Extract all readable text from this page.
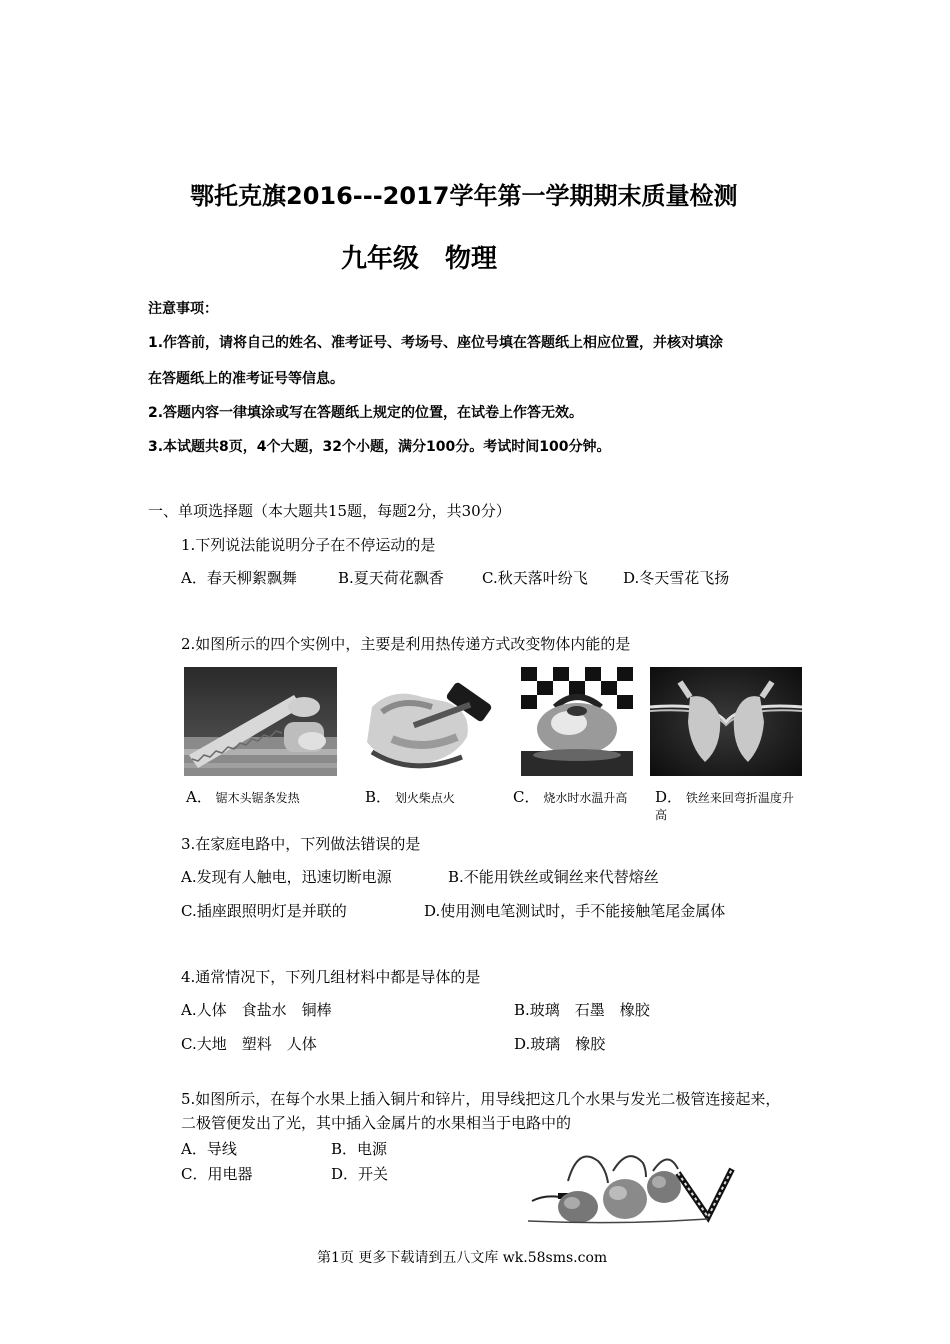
鄂托克旗2016---2017学年第一学期期末质量检测
九年级　物理
注意事项：
1.作答前，请将自己的姓名、准考证号、考场号、座位号填在答题纸上相应位置，并核对填涂
在答题纸上的准考证号等信息。
2.答题内容一律填涂或写在答题纸上规定的位置，在试卷上作答无效。
3.本试题共8页，4个大题，32个小题，满分100分。考试时间100分钟。
一、单项选择题（本大题共15题，每题2分，共30分）
1.下列说法能说明分子在不停运动的是
A．春天柳絮飘舞	B.夏天荷花飘香	C.秋天落叶纷飞 D.冬天雪花飞扬
2.如图所示的四个实例中，主要是利用热传递方式改变物体内能的是
A． 锯木头锯条发热	B． 划火柴点火	C． 烧水时水温升高 D． 铁丝来回弯折温度升
高
3.在家庭电路中，下列做法错误的是
A.发现有人触电，迅速切断电源	B.不能用铁丝或铜丝来代替熔丝
C.插座跟照明灯是并联的	D.使用测电笔测试时，手不能接触笔尾金属体
4.通常情况下，下列几组材料中都是导体的是
A.人体　食盐水　铜棒	B.玻璃　石墨　橡胶
C.大地　塑料　人体	D.玻璃　橡胶
5.如图所示，在每个水果上插入铜片和锌片，用导线把这几个水果与发光二极管连接起来，
二极管便发出了光，其中插入金属片的水果相当于电路中的
A．导线	B．电源
C．用电器	D．开关
第1页 更多下载请到五八文库 wk.58sms.com
